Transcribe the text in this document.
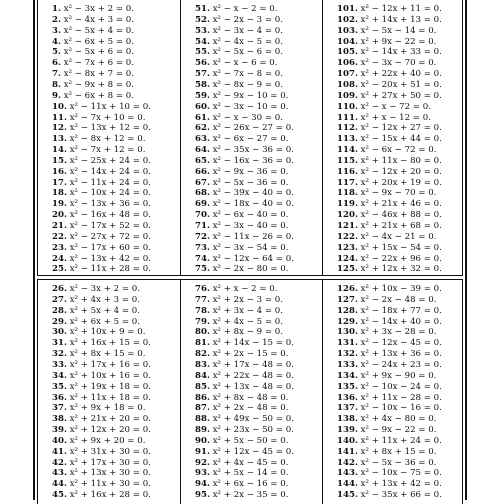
1. x² − 3x + 2 = 0.
2. x² − 4x + 3 = 0.
3. x² − 5x + 4 = 0.
4. x² − 6x + 5 = 0.
5. x² − 5x + 6 = 0.
6. x² − 7x + 6 = 0.
7. x² − 8x + 7 = 0.
8. x² − 9x + 8 = 0.
9. x² − 6x + 8 = 0.
10. x² − 11x + 10 = 0.
11. x² − 7x + 10 = 0.
12. x² − 13x + 12 = 0.
13. x² − 8x + 12 = 0.
14. x² − 7x + 12 = 0.
15. x² − 25x + 24 = 0.
16. x² − 14x + 24 = 0.
17. x² − 11x + 24 = 0.
18. x² − 10x + 24 = 0.
19. x² − 13x + 36 = 0.
20. x² − 16x + 48 = 0.
21. x² − 17x + 52 = 0.
22. x² − 27x + 72 = 0.
23. x² − 17x + 60 = 0.
24. x² − 13x + 42 = 0.
25. x² − 11x + 28 = 0.
51. x² − x − 2 = 0.
52. x² − 2x − 3 = 0.
53. x² − 3x − 4 = 0.
54. x² − 4x − 5 = 0.
55. x² − 5x − 6 = 0.
56. x² − x − 6 = 0.
57. x² − 7x − 8 = 0.
58. x² − 8x − 9 = 0.
59. x² − 9x − 10 = 0.
60. x² − 3x − 10 = 0.
61. x² − x − 30 = 0.
62. x² − 26x − 27 = 0.
63. x² − 6x − 27 = 0.
64. x² − 35x − 36 = 0.
65. x² − 16x − 36 = 0.
66. x² − 9x − 36 = 0.
67. x² − 5x − 36 = 0.
68. x² − 39x − 40 = 0.
69. x² − 18x − 40 = 0.
70. x² − 6x − 40 = 0.
71. x² − 3x − 40 = 0.
72. x² − 11x − 26 = 0.
73. x² − 3x − 54 = 0.
74. x² − 12x − 64 = 0.
75. x² − 2x − 80 = 0.
101. x² − 12x + 11 = 0.
102. x² + 14x + 13 = 0.
103. x² − 5x − 14 = 0.
104. x² + 9x − 22 = 0.
105. x² − 14x + 33 = 0.
106. x² − 3x − 70 = 0.
107. x² + 22x + 40 = 0.
108. x² − 20x + 51 = 0.
109. x² + 27x + 50 = 0.
110. x² − x − 72 = 0.
111. x² + x − 12 = 0.
112. x² − 12x + 27 = 0.
113. x² − 15x + 44 = 0.
114. x² − 6x − 72 = 0.
115. x² + 11x − 80 = 0.
116. x² − 12x + 20 = 0.
117. x² + 20x + 19 = 0.
118. x² − 9x − 70 = 0.
119. x² + 21x + 46 = 0.
120. x² − 46x + 88 = 0.
121. x² + 21x + 68 = 0.
122. x² − 4x − 21 = 0.
123. x² + 15x − 54 = 0.
124. x² − 22x + 96 = 0.
125. x² + 12x + 32 = 0.
26. x² − 3x + 2 = 0.
27. x² + 4x + 3 = 0.
28. x² + 5x + 4 = 0.
29. x² + 6x + 5 = 0.
30. x² + 10x + 9 = 0.
31. x² + 16x + 15 = 0.
32. x² + 8x + 15 = 0.
33. x² + 17x + 16 = 0.
34. x² + 10x + 16 = 0.
35. x² + 19x + 18 = 0.
36. x² + 11x + 18 = 0.
37. x² + 9x + 18 = 0.
38. x² + 21x + 20 = 0.
39. x² + 12x + 20 = 0.
40. x² + 9x + 20 = 0.
41. x² + 31x + 30 = 0.
42. x² + 17x + 30 = 0.
43. x² + 13x + 30 = 0.
44. x² + 11x + 30 = 0.
45. x² + 16x + 28 = 0.
76. x² + x − 2 = 0.
77. x² + 2x − 3 = 0.
78. x² + 3x − 4 = 0.
79. x² + 4x − 5 = 0.
80. x² + 8x − 9 = 0.
81. x² + 14x − 15 = 0.
82. x² + 2x − 15 = 0.
83. x² + 17x − 48 = 0.
84. x² + 22x − 48 = 0.
85. x² + 13x − 48 = 0.
86. x² + 8x − 48 = 0.
87. x² + 2x − 48 = 0.
88. x² + 49x − 50 = 0.
89. x² + 23x − 50 = 0.
90. x² + 5x − 50 = 0.
91. x² + 12x − 45 = 0.
92. x² + 4x − 45 = 0.
93. x² + 5x − 14 = 0.
94. x² + 6x − 16 = 0.
95. x² + 2x − 35 = 0.
126. x² + 10x − 39 = 0.
127. x² − 2x − 48 = 0.
128. x² − 18x + 77 = 0.
129. x² − 14x + 40 = 0.
130. x² + 3x − 28 = 0.
131. x² − 12x − 45 = 0.
132. x² + 13x + 36 = 0.
133. x² − 24x + 23 = 0.
134. x² + 9x − 90 = 0.
135. x² − 10x − 24 = 0.
136. x² + 11x − 28 = 0.
137. x² − 10x − 16 = 0.
138. x² + 4x − 80 = 0.
139. x² − 9x − 22 = 0.
140. x² + 11x + 24 = 0.
141. x² + 8x + 15 = 0.
142. x² − 5x − 36 = 0.
143. x² − 10x − 75 = 0.
144. x² + 13x + 42 = 0.
145. x² − 35x + 66 = 0.
